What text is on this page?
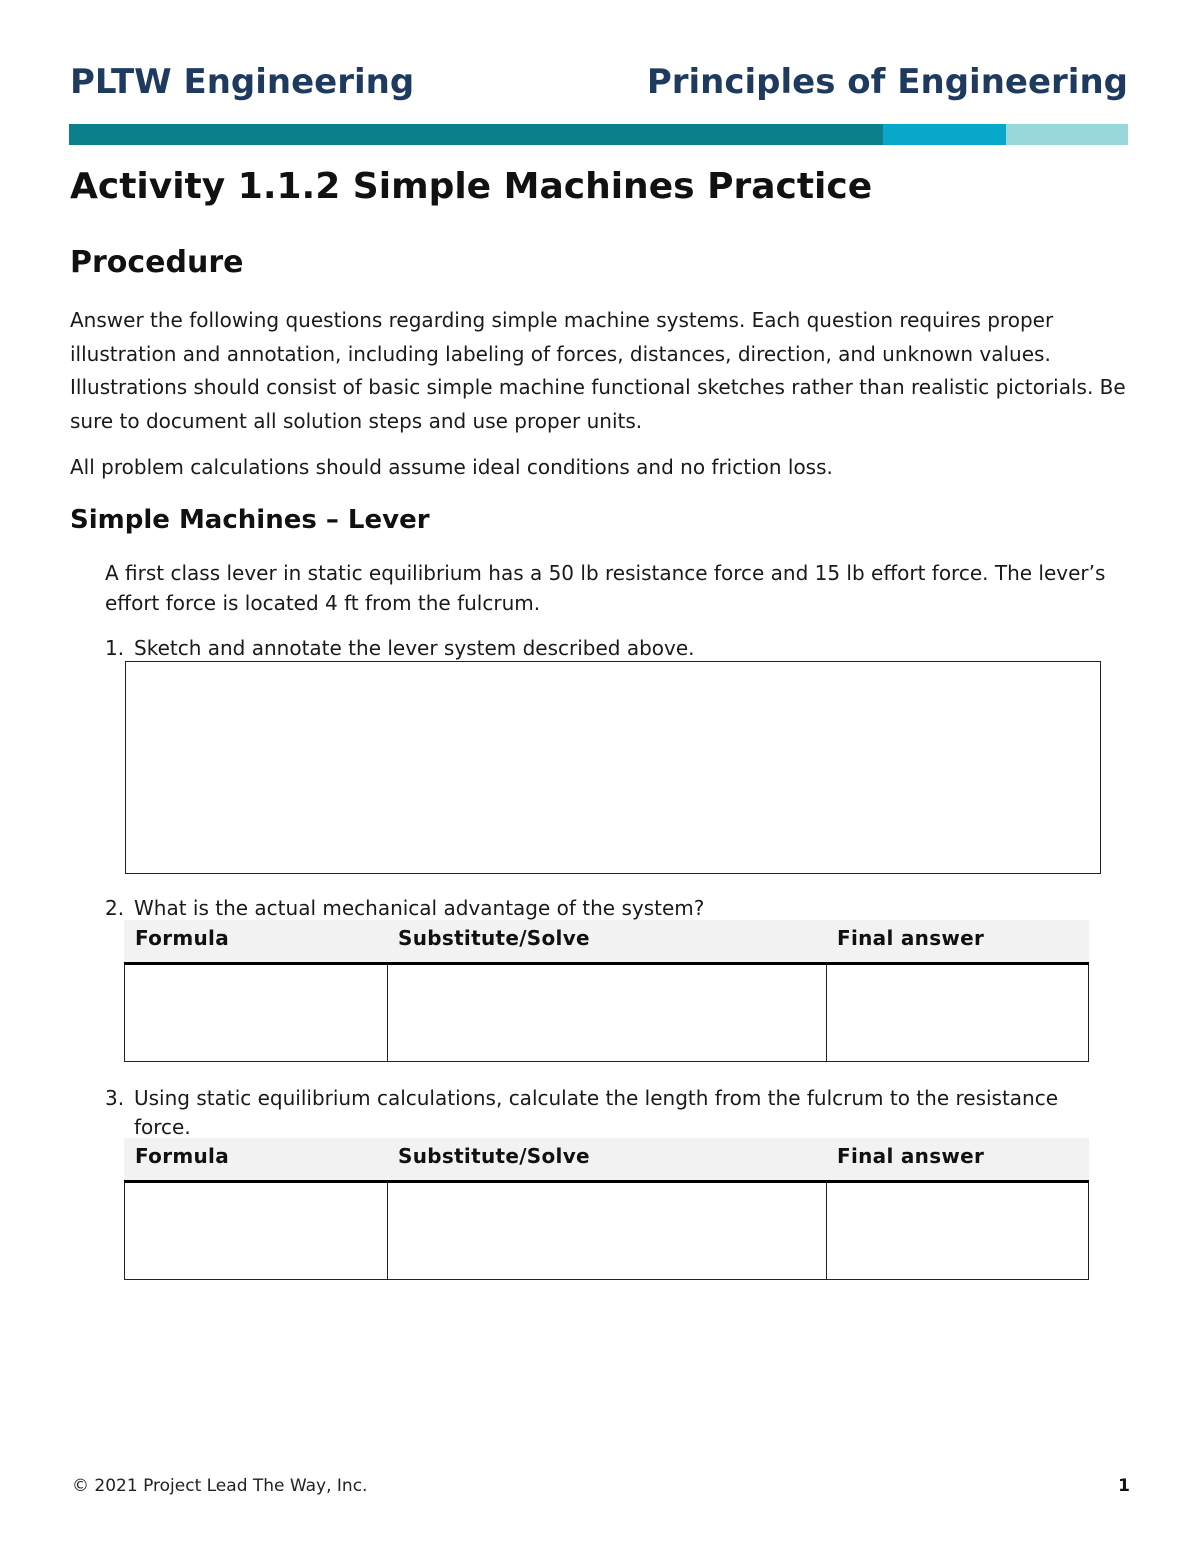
PLTW Engineering	Principles of Engineering
Activity 1.1.2 Simple Machines Practice
Procedure
Answer the following questions regarding simple machine systems. Each question requires proper illustration and annotation, including labeling of forces, distances, direction, and unknown values. Illustrations should consist of basic simple machine functional sketches rather than realistic pictorials. Be sure to document all solution steps and use proper units.
All problem calculations should assume ideal conditions and no friction loss.
Simple Machines – Lever
A first class lever in static equilibrium has a 50 lb resistance force and 15 lb effort force. The lever’s effort force is located 4 ft from the fulcrum.
1. Sketch and annotate the lever system described above.
2. What is the actual mechanical advantage of the system?
Formula	Substitute/Solve	Final answer
3. Using static equilibrium calculations, calculate the length from the fulcrum to the resistance force.
Formula	Substitute/Solve	Final answer
© 2021 Project Lead The Way, Inc.	1
